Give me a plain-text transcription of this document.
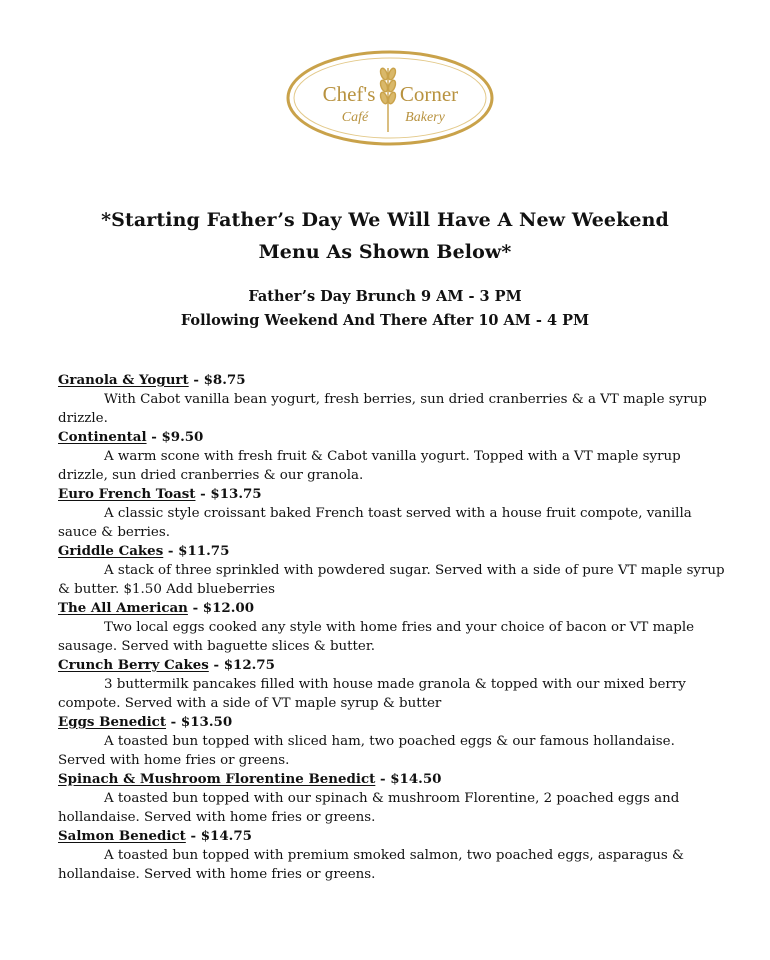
Chef's Corner
Café	Bakery
*Starting Father’s Day We Will Have A New Weekend
Menu As Shown Below*
Father’s Day Brunch 9 AM - 3 PM
Following Weekend And There After 10 AM - 4 PM
Granola & Yogurt - $8.75

With Cabot vanilla bean yogurt, fresh berries, sun dried cranberries & a VT maple syrup drizzle.

Continental - $9.50

A warm scone with fresh fruit & Cabot vanilla yogurt. Topped with a VT maple syrup drizzle, sun dried cranberries & our granola.

Euro French Toast - $13.75

A classic style croissant baked French toast served with a house fruit compote, vanilla sauce & berries.

Griddle Cakes - $11.75

A stack of three sprinkled with powdered sugar. Served with a side of pure VT maple syrup & butter. $1.50 Add blueberries

The All American - $12.00

Two local eggs cooked any style with home fries and your choice of bacon or VT maple sausage. Served with baguette slices & butter.

Crunch Berry Cakes - $12.75

3 buttermilk pancakes filled with house made granola & topped with our mixed berry compote. Served with a side of VT maple syrup & butter

Eggs Benedict - $13.50

A toasted bun topped with sliced ham, two poached eggs & our famous hollandaise. Served with home fries or greens.

Spinach & Mushroom Florentine Benedict - $14.50

A toasted bun topped with our spinach & mushroom Florentine, 2 poached eggs and hollandaise. Served with home fries or greens.

Salmon Benedict - $14.75

A toasted bun topped with premium smoked salmon, two poached eggs, asparagus & hollandaise. Served with home fries or greens.
